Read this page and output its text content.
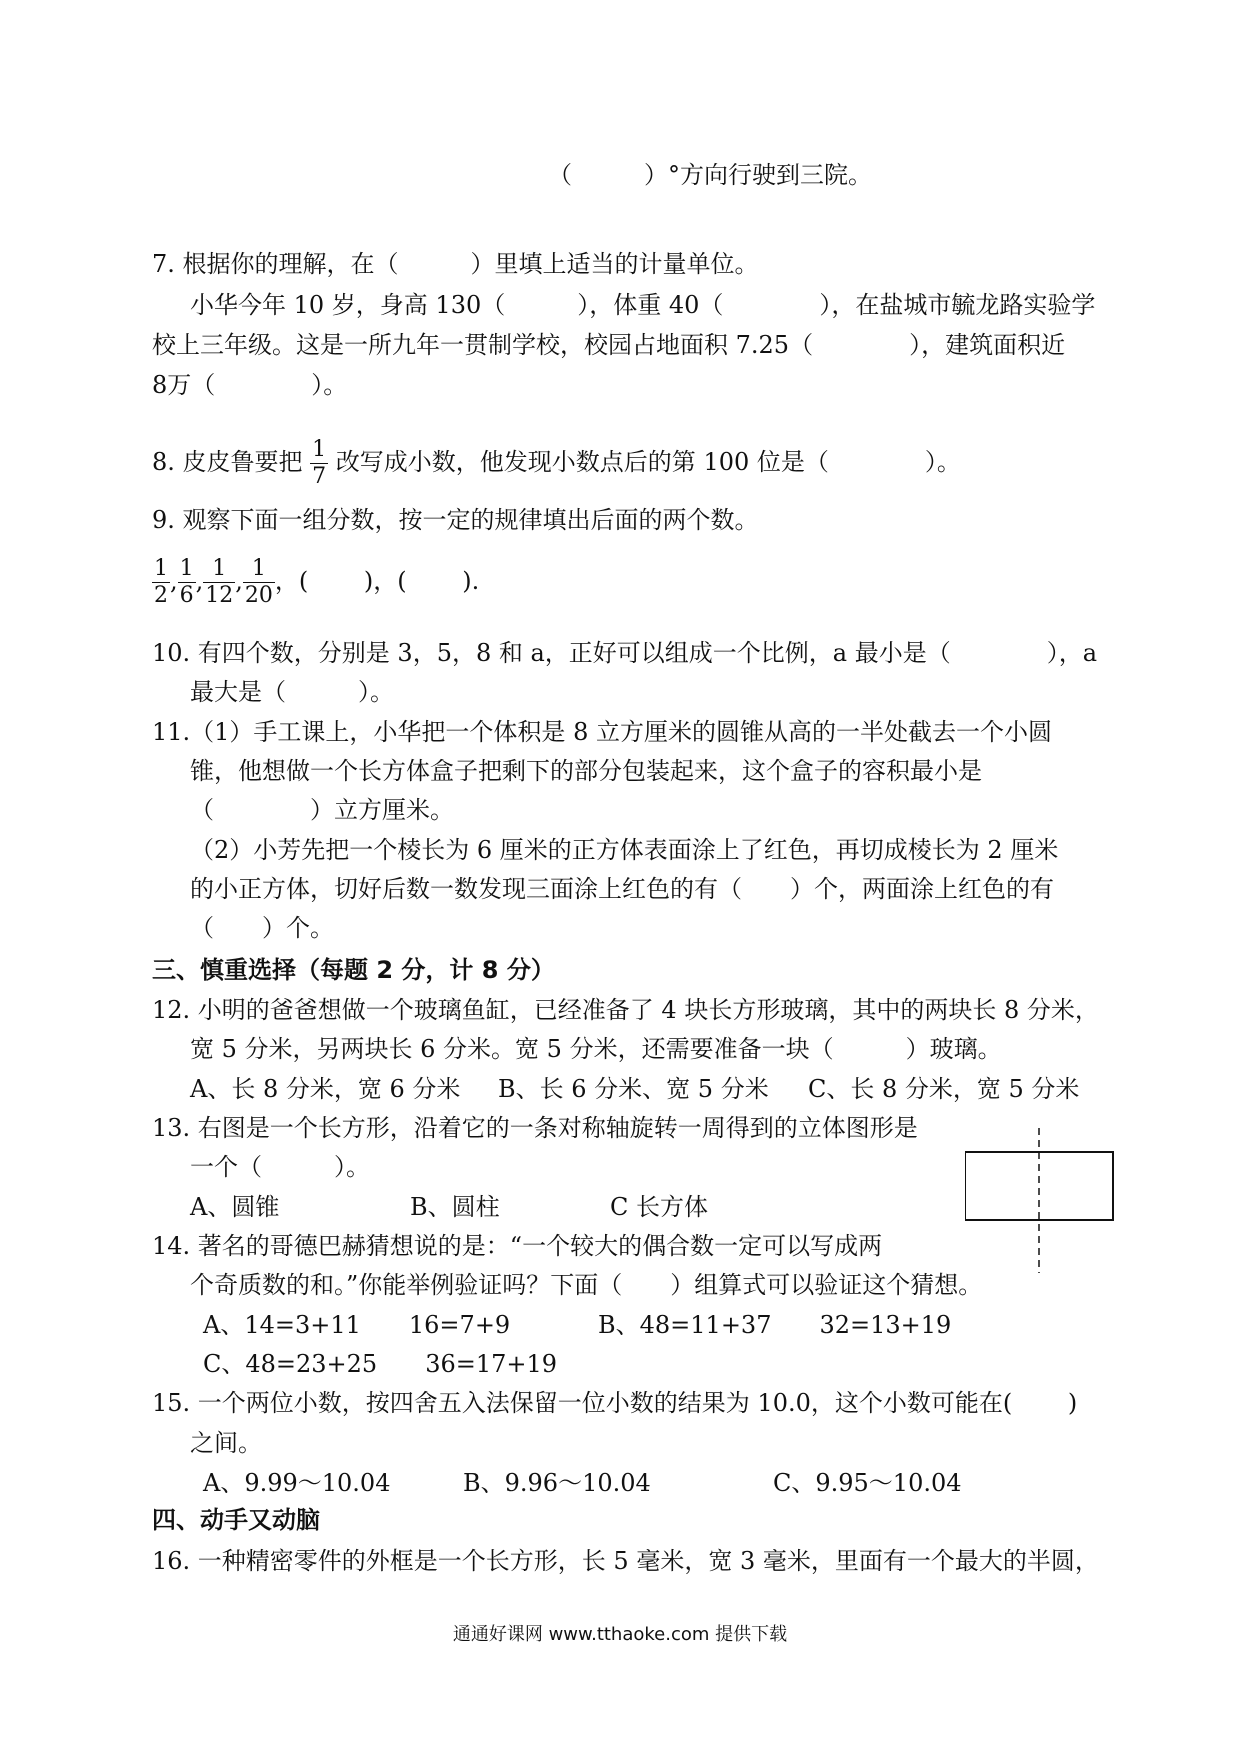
（　　　）°方向行驶到三院。
7. 根据你的理解，在（　　　）里填上适当的计量单位。
小华今年 10 岁，身高 130（　　　），体重 40（　　　　），在盐城市毓龙路实验学
校上三年级。这是一所九年一贯制学校，校园占地面积 7.25（　　　　），建筑面积近
8万（　　　　）。
8. 皮皮鲁要把 $\frac{1}{7}$ 改写成小数，他发现小数点后的第 100 位是（　　　　）。
9. 观察下面一组分数，按一定的规律填出后面的两个数。
$\frac{1}{2}$ , $\frac{1}{6}$ , $\frac{1}{12}$ , $\frac{1}{20}$ ，(　　 )，(　　 ).
10. 有四个数，分别是 3，5，8 和 a，正好可以组成一个比例，a 最小是（　　　　），a
最大是（　　　）。
11.（1）手工课上，小华把一个体积是 8 立方厘米的圆锥从高的一半处截去一个小圆
锥，他想做一个长方体盒子把剩下的部分包装起来，这个盒子的容积最小是
（　　　　）立方厘米。
（2）小芳先把一个棱长为 6 厘米的正方体表面涂上了红色，再切成棱长为 2 厘米
的小正方体，切好后数一数发现三面涂上红色的有（　　）个，两面涂上红色的有
（　　）个。
三、慎重选择（每题 2 分，计 8 分）
12. 小明的爸爸想做一个玻璃鱼缸，已经准备了 4 块长方形玻璃，其中的两块长 8 分米，
宽 5 分米，另两块长 6 分米。宽 5 分米，还需要准备一块（　　　）玻璃。
A、长 8 分米，宽 6 分米 B、长 6 分米、宽 5 分米 C、长 8 分米，宽 5 分米
13. 右图是一个长方形，沿着它的一条对称轴旋转一周得到的立体图形是
一个（　　　）。
A、圆锥	B、圆柱	C 长方体
14. 著名的哥德巴赫猜想说的是：“一个较大的偶合数一定可以写成两
个奇质数的和。”你能举例验证吗？下面（　　）组算式可以验证这个猜想。
A、14=3+11　　16=7+9	B、48=11+37　　32=13+19
C、48=23+25　　36=17+19
15. 一个两位小数，按四舍五入法保留一位小数的结果为 10.0，这个小数可能在(　　 )
之间。
A、9.99～10.04	B、9.96～10.04	C、9.95～10.04
四、动手又动脑
16. 一种精密零件的外框是一个长方形，长 5 毫米，宽 3 毫米，里面有一个最大的半圆，
通通好课网 www.tthaoke.com 提供下载
